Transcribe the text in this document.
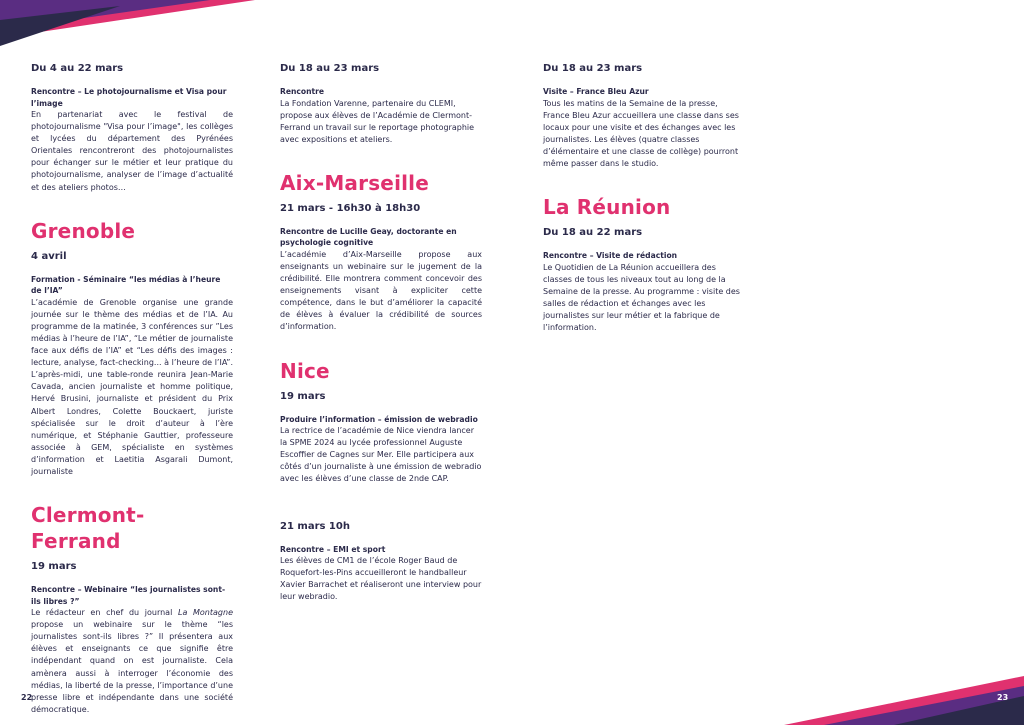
Du 4 au 22 mars

Rencontre – Le photojournalisme et Visa pour l’image

En partenariat avec le festival de photojournalisme "Visa pour l’image", les collèges et lycées du département des Pyrénées Orientales rencontreront des photojournalistes pour échanger sur le métier et leur pratique du photojournalisme, analyser de l’image d’actualité et des ateliers photos…

Grenoble

4 avril

Formation - Séminaire “les médias à l’heure de l’IA”

L’académie de Grenoble organise une grande journée sur le thème des médias et de l’IA. Au programme de la matinée, 3 conférences sur ”Les médias à l’heure de l’IA”, “Le métier de journaliste face aux défis de l’IA” et “Les défis des images : lecture, analyse, fact-checking... à l’heure de l’IA”. L’après-midi, une table-ronde reunira Jean-Marie Cavada, ancien journaliste et homme politique, Hervé Brusini, journaliste et président du Prix Albert Londres, Colette Bouckaert, juriste spécialisée sur le droit d’auteur à l’ère numérique, et Stéphanie Gauttier, professeure associée à GEM, spécialiste en systèmes d’information et Laetitia Asgarali Dumont, journaliste

Clermont-Ferrand

19 mars

Rencontre – Webinaire “les journalistes sont-ils libres ?”

Le rédacteur en chef du journal La Montagne propose un webinaire sur le thème “les journalistes sont-ils libres ?” Il présentera aux élèves et enseignants ce que signifie être indépendant quand on est journaliste. Cela amènera aussi à interroger l’économie des médias, la liberté de la presse, l’importance d’une presse libre et indépendante dans une société démocratique.

Du 18 au 23 mars

Rencontre

La Fondation Varenne, partenaire du CLEMI, propose aux élèves de l’Académie de Clermont-Ferrand un travail sur le reportage photographie avec expositions et ateliers.

Aix-Marseille

21 mars - 16h30 à 18h30

Rencontre de Lucille Geay, doctorante en psychologie cognitive

L’académie d’Aix-Marseille propose aux enseignants un webinaire sur le jugement de la crédibilité. Elle montrera comment concevoir des enseignements visant à expliciter cette compétence, dans le but d’améliorer la capacité de élèves à évaluer la crédibilité de sources d’information.

Nice

19 mars

Produire l’information – émission de webradio

La rectrice de l’académie de Nice viendra lancer la SPME 2024 au lycée professionnel Auguste Escoffier de Cagnes sur Mer. Elle participera aux côtés d’un journaliste à une émission de webradio avec les élèves d’une classe de 2nde CAP.

21 mars 10h

Rencontre – EMI et sport

Les élèves de CM1 de l’école Roger Baud de Roquefort-les-Pins accueilleront le handballeur Xavier Barrachet et réaliseront une interview pour leur webradio.

Du 18 au 23 mars

Visite – France Bleu Azur

Tous les matins de la Semaine de la presse, France Bleu Azur accueillera une classe dans ses locaux pour une visite et des échanges avec les journalistes. Les élèves (quatre classes d’élémentaire et une classe de collège) pourront même passer dans le studio.

La Réunion

Du 18 au 22 mars

Rencontre – Visite de rédaction

Le Quotidien de La Réunion accueillera des classes de tous les niveaux tout au long de la Semaine de la presse. Au programme : visite des salles de rédaction et échanges avec les journalistes sur leur métier et la fabrique de l’information.

22	23
